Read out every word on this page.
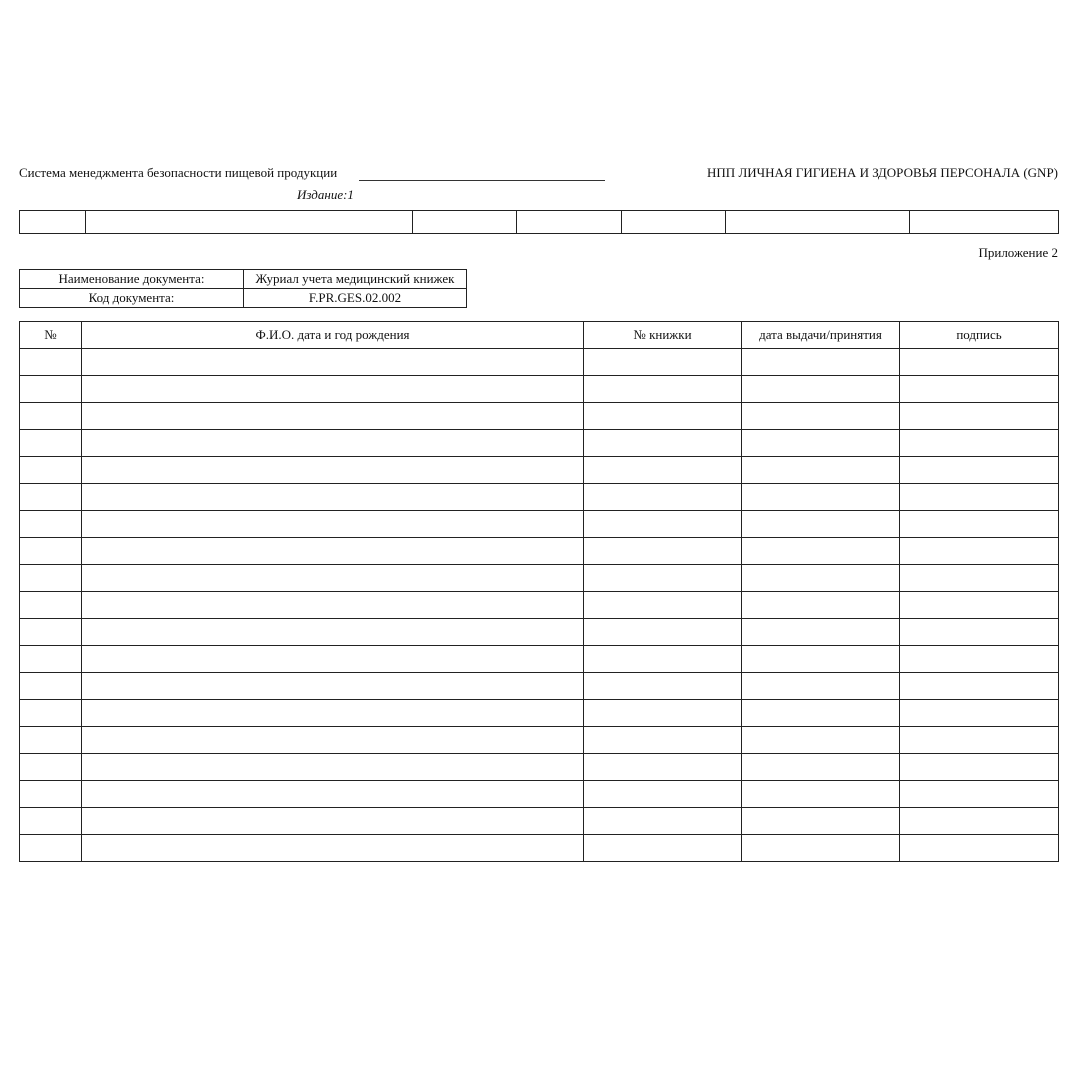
Система менеджмента безопасности пищевой продукции
Издание:1
НПП ЛИЧНАЯ ГИГИЕНА И ЗДОРОВЬЯ ПЕРСОНАЛА (GNP)

Приложение 2
Наименование документа:	Журиал учета медицинский книжек
Код документа:	F.PR.GES.02.002
№	Ф.И.О. дата и год рождения	№ книжки	дата выдачи/принятия	подпись
